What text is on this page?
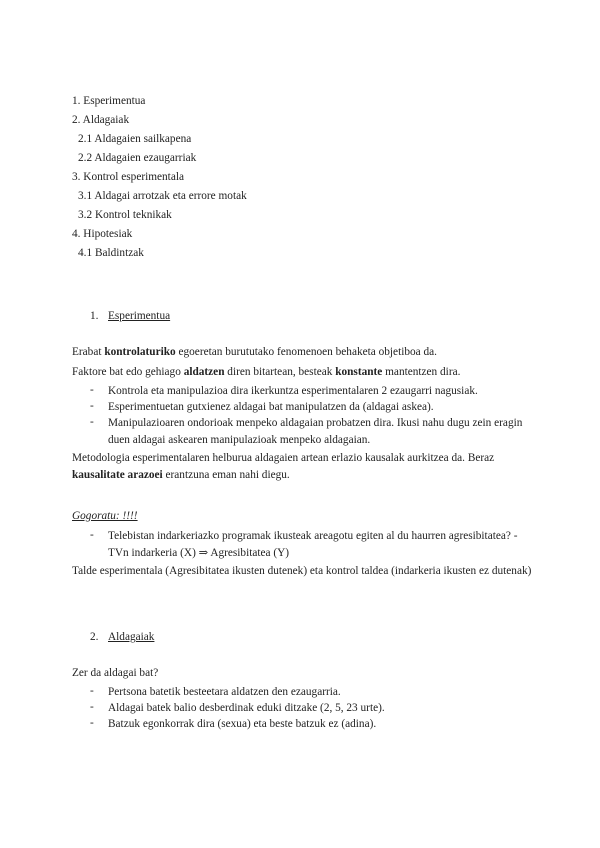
1. Esperimentua
2. Aldagaiak
2.1 Aldagaien sailkapena
2.2 Aldagaien ezaugarriak
3. Kontrol esperimentala
3.1 Aldagai arrotzak eta errore motak
3.2 Kontrol teknikak
4. Hipotesiak
4.1 Baldintzak
1. Esperimentua
Erabat kontrolaturiko egoeretan burututako fenomenoen behaketa objetiboa da.
Faktore bat edo gehiago aldatzen diren bitartean, besteak konstante mantentzen dira.
- Kontrola eta manipulazioa dira ikerkuntza esperimentalaren 2 ezaugarri nagusiak.
- Esperimentuetan gutxienez aldagai bat manipulatzen da (aldagai askea).
- Manipulazioaren ondorioak menpeko aldagaian probatzen dira. Ikusi nahu dugu zein eragin duen aldagai askearen manipulazioak menpeko aldagaian.
Metodologia esperimentalaren helburua aldagaien artean erlazio kausalak aurkitzea da. Beraz kausalitate arazoei erantzuna eman nahi diegu.
Gogoratu: !!!!
- Telebistan indarkeriazko programak ikusteak areagotu egiten al du haurren agresibitatea? - TVn indarkeria (X) ⇒ Agresibitatea (Y)
Talde esperimentala (Agresibitatea ikusten dutenek) eta kontrol taldea (indarkeria ikusten ez dutenak)
2. Aldagaiak
Zer da aldagai bat?
- Pertsona batetik besteetara aldatzen den ezaugarria.
- Aldagai batek balio desberdinak eduki ditzake (2, 5, 23 urte).
- Batzuk egonkorrak dira (sexua) eta beste batzuk ez (adina).
